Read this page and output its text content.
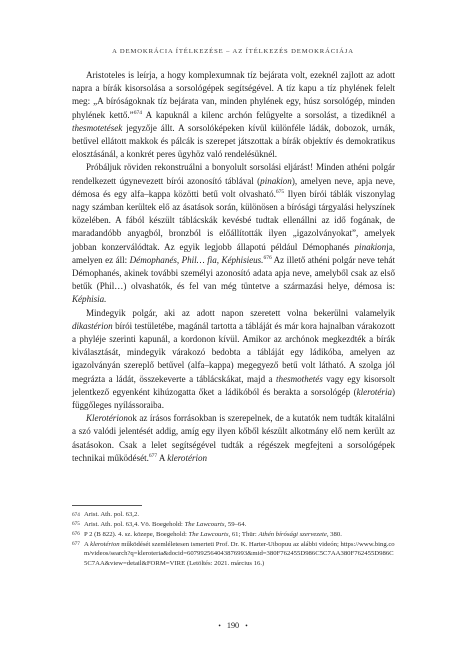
A DEMOKRÁCIA ÍTÉLKEZÉSE – AZ ÍTÉLKEZÉS DEMOKRÁCIÁJA

Aristoteles is leírja, a hogy komplexumnak tíz bejárata volt, ezeknél zajlott az adott napra a bírák kisorsolása a sorsológépek segítségével. A tíz kapu a tíz phylének felelt meg: „A bíróságoknak tíz bejárata van, minden phylének egy, húsz sorsológép, minden phylének kettő.”$^{674}$ A kapuknál a kilenc archón felügyelte a sorsolást, a tizediknél a thesmotetések jegyzője állt. A sorsolóképeken kívül különféle ládák, dobozok, urnák, betűvel ellátott makkok és pálcák is szerepet játszottak a bírák objektív és demokratikus elosztásánál, a konkrét peres ügyhöz való rendelésüknél.

Próbáljuk röviden rekonstruálni a bonyolult sorsolási eljárást! Minden athéni polgár rendelkezett úgynevezett bírói azonosító táblával (pinakion), amelyen neve, apja neve, démosa és egy alfa–kappa közötti betű volt olvasható.$^{675}$ Ilyen bírói táblák viszonylag nagy számban kerültek elő az ásatások során, különösen a bírósági tárgyalási helyszínek közelében. A fából készült táblácskák kevésbé tudtak ellenállni az idő fogának, de maradandóbb anyagból, bronzból is előállították ilyen „igazolványokat”, amelyek jobban konzerválódtak. Az egyik legjobb állapotú például Démophanés pinakionja, amelyen ez áll: Démophanés, Phil… fia, Képhisieus.$^{676}$ Az illető athéni polgár neve tehát Démophanés, akinek további személyi azonosító adata apja neve, amelyből csak az első betűk (Phil…) olvashatók, és fel van még tüntetve a származási helye, démosa is: Képhisia.

Mindegyik polgár, aki az adott napon szeretett volna bekerülni valamelyik dikastérion bírói testületébe, magánál tartotta a tábláját és már kora hajnalban várakozott a phyléje szerinti kapunál, a kordonon kívül. Amikor az archónok megkezdték a bírák kiválasztását, mindegyik várakozó bedobta a tábláját egy ládikóba, amelyen az igazolványán szereplő betűvel (alfa–kappa) megegyező betű volt látható. A szolga jól megrázta a ládát, összekeverte a táblácskákat, majd a thesmothetés vagy egy kisorsolt jelentkező egyenként kihúzogatta őket a ládikóból és berakta a sorsológép (klerotéria) függőleges nyílássoraiba.

Klerotérionok az írásos forrásokban is szerepelnek, de a kutatók nem tudták kitalálni a szó valódi jelentését addig, amíg egy ilyen kőből készült alkotmány elő nem került az ásatásokon. Csak a lelet segítségével tudták a régészek megfejteni a sorsológépek technikai működését.$^{677}$ A klerotérion

674 Arist. Ath. pol. 63,2.
675 Arist. Ath. pol. 63,4. Vö. Boegehold: The Lawcourts, 59–64.
676 P 2 (B 822). 4. sz. közepe, Boegehold: The Lawcourts, 61; Thür: Athén bírósági szervezete, 380.
677 A klerotérion működését szemléletesen ismerteti Prof. Dr. K. Harter-Uibopuu az alábbi videón; https://www.bing.com/videos/search?q=kleroteria&docid=607992564043876993&mid=380F762455D986C5C7AA380F762455D986C5C7AA&view=detail&FORM=VIRE (Letöltés: 2021. március 16.)
• 190 •
